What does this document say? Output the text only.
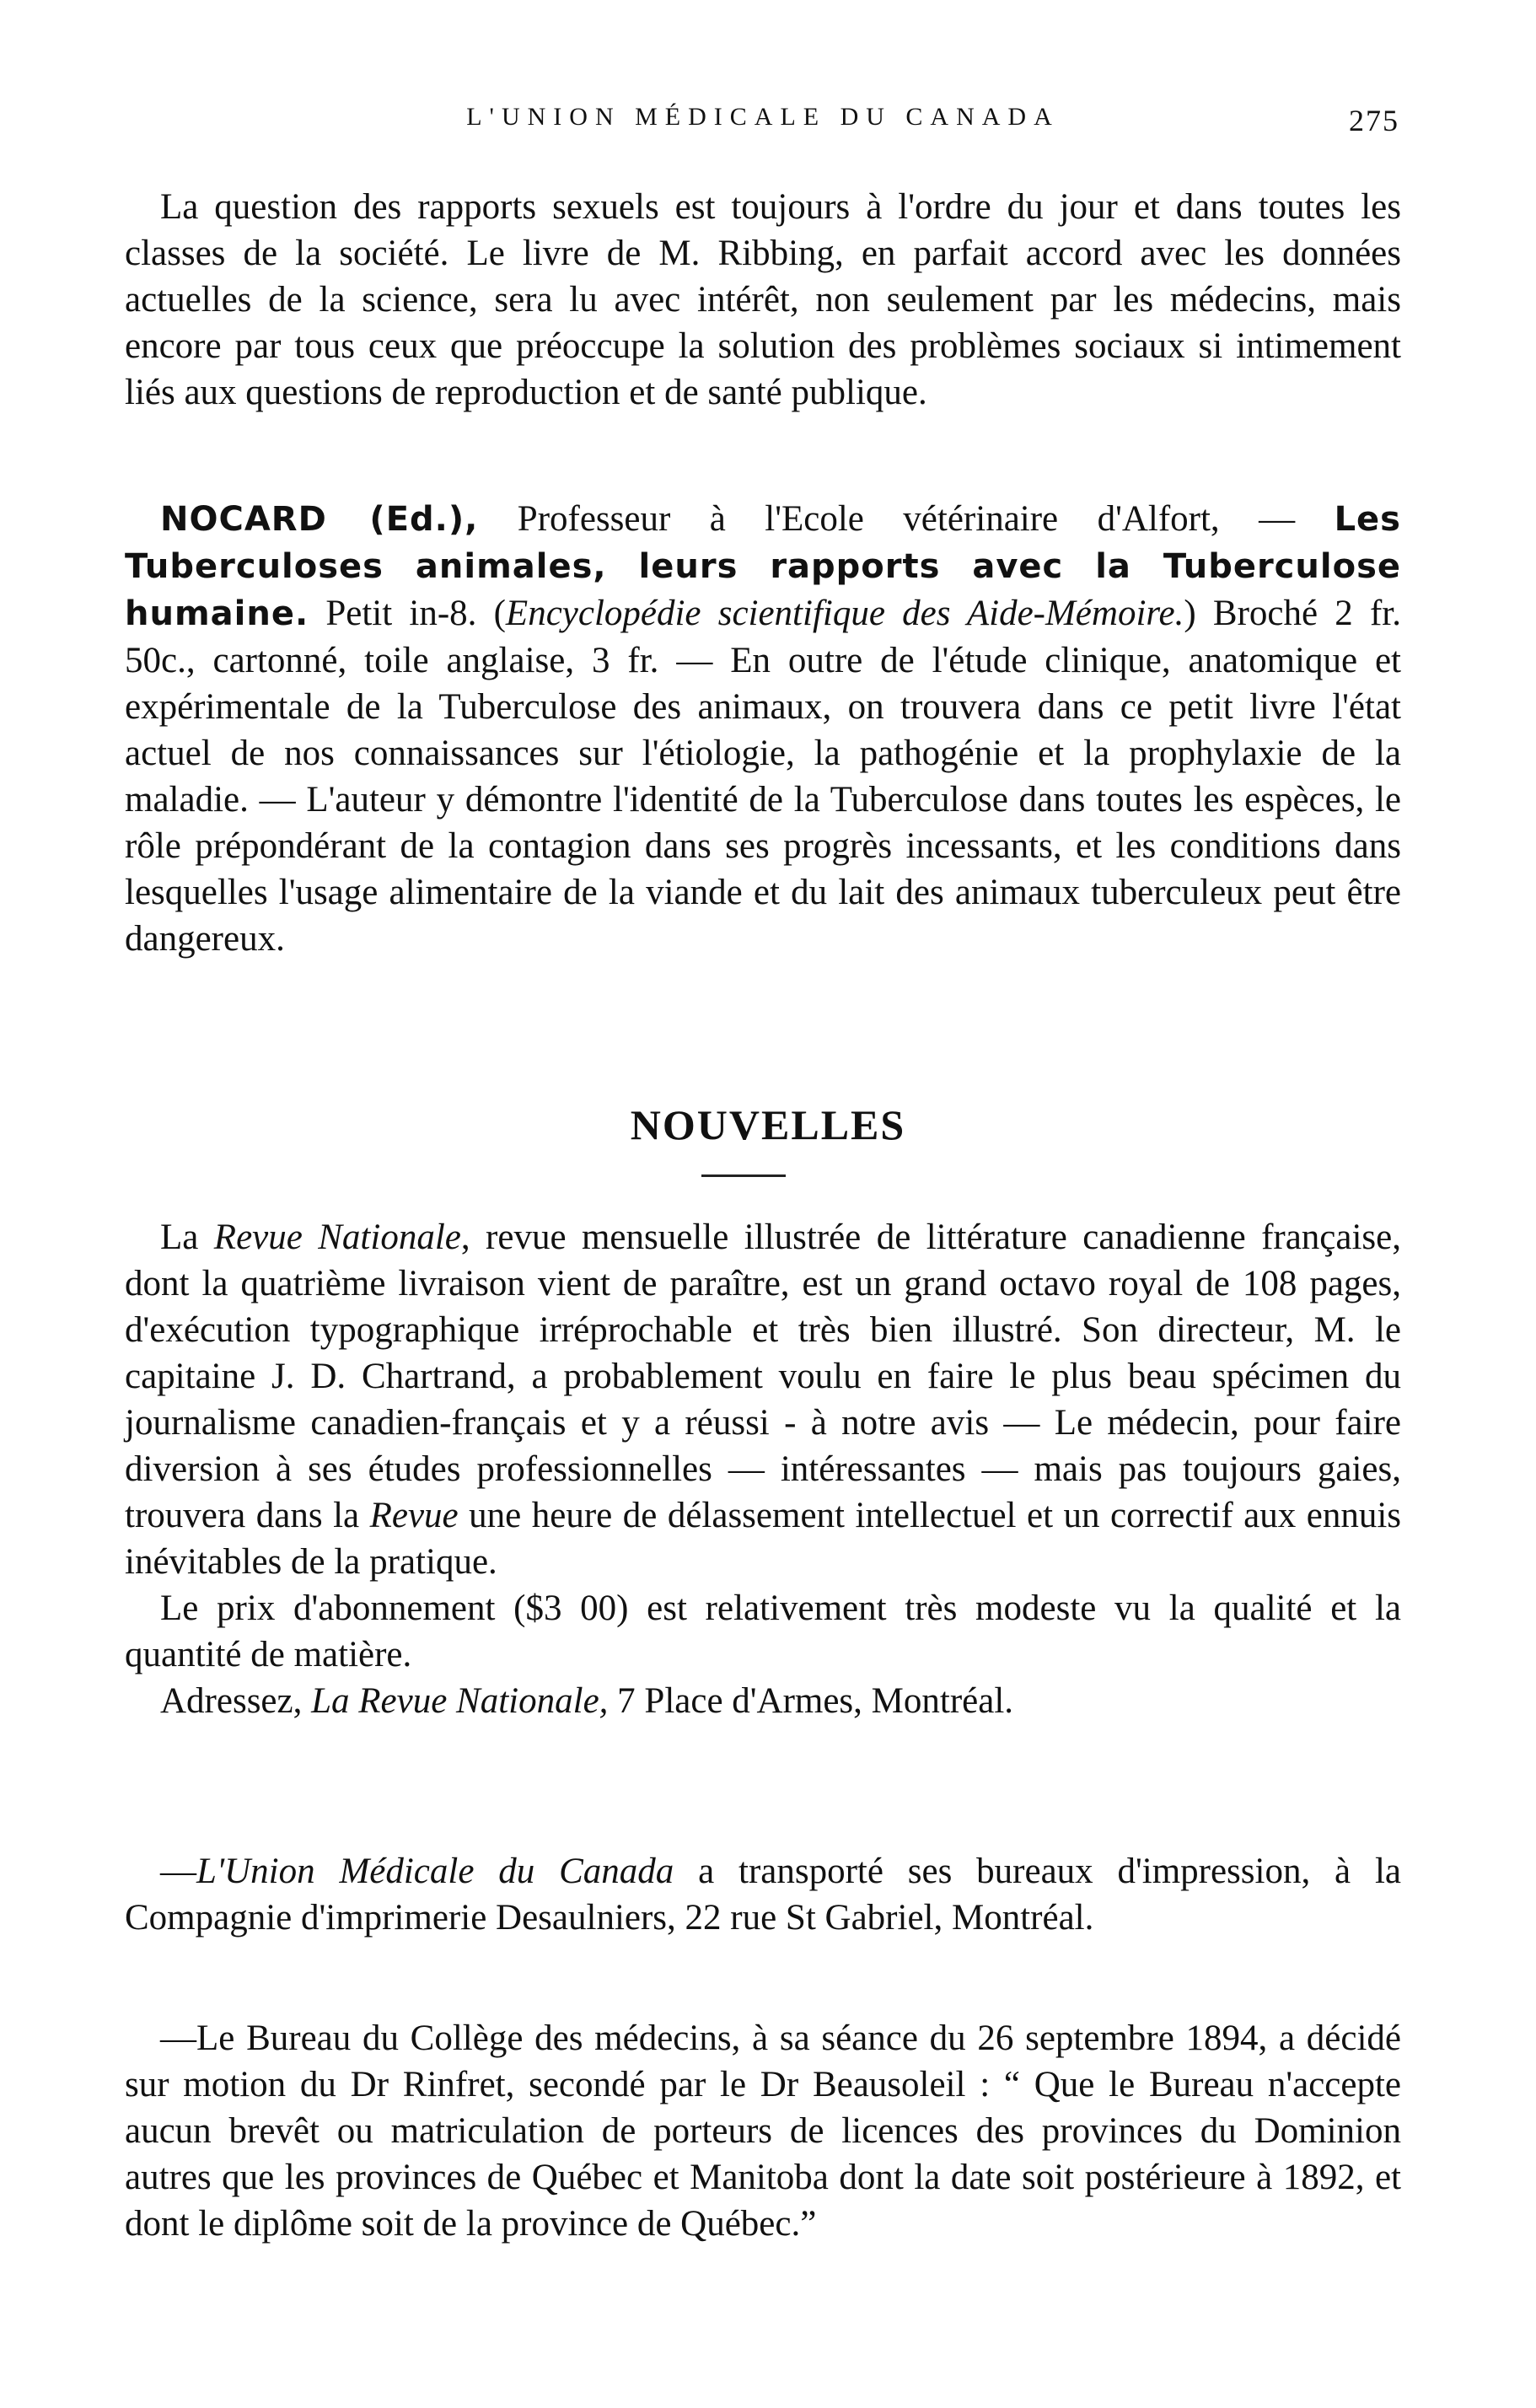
L'UNION MÉDICALE DU CANADA	275

La question des rapports sexuels est toujours à l'ordre du jour et dans toutes les classes de la société. Le livre de M. Ribbing, en parfait accord avec les données actuelles de la science, sera lu avec intérêt, non seulement par les médecins, mais encore par tous ceux que préoccupe la solution des problèmes sociaux si intimement liés aux questions de reproduction et de santé publique.

NOCARD (Ed.), Professeur à l'Ecole vétérinaire d'Alfort, — Les Tuberculoses animales, leurs rapports avec la Tuberculose humaine. Petit in-8. (Encyclopédie scientifique des Aide-Mémoire.) Broché 2 fr. 50c., cartonné, toile anglaise, 3 fr. — En outre de l'étude clinique, anatomique et expérimentale de la Tuberculose des animaux, on trouvera dans ce petit livre l'état actuel de nos connaissances sur l'étiologie, la pathogénie et la prophylaxie de la maladie. — L'auteur y démontre l'identité de la Tuberculose dans toutes les espèces, le rôle prépondérant de la contagion dans ses progrès incessants, et les conditions dans lesquelles l'usage alimentaire de la viande et du lait des animaux tuberculeux peut être dangereux.

NOUVELLES

La Revue Nationale, revue mensuelle illustrée de littérature canadienne française, dont la quatrième livraison vient de paraître, est un grand octavo royal de 108 pages, d'exécution typographique irréprochable et très bien illustré. Son directeur, M. le capitaine J. D. Chartrand, a probablement voulu en faire le plus beau spécimen du journalisme canadien-français et y a réussi - à notre avis — Le médecin, pour faire diversion à ses études professionnelles — intéressantes — mais pas toujours gaies, trouvera dans la Revue une heure de délassement intellectuel et un correctif aux ennuis inévitables de la pratique.

Le prix d'abonnement ($3 00) est relativement très modeste vu la qualité et la quantité de matière.

Adressez, La Revue Nationale, 7 Place d'Armes, Montréal.

—L'Union Médicale du Canada a transporté ses bureaux d'impression, à la Compagnie d'imprimerie Desaulniers, 22 rue St Gabriel, Montréal.

—Le Bureau du Collège des médecins, à sa séance du 26 septembre 1894, a décidé sur motion du Dr Rinfret, secondé par le Dr Beausoleil : “ Que le Bureau n'accepte aucun brevêt ou matriculation de porteurs de licences des provinces du Dominion autres que les provinces de Québec et Manitoba dont la date soit postérieure à 1892, et dont le diplôme soit de la province de Québec.”
